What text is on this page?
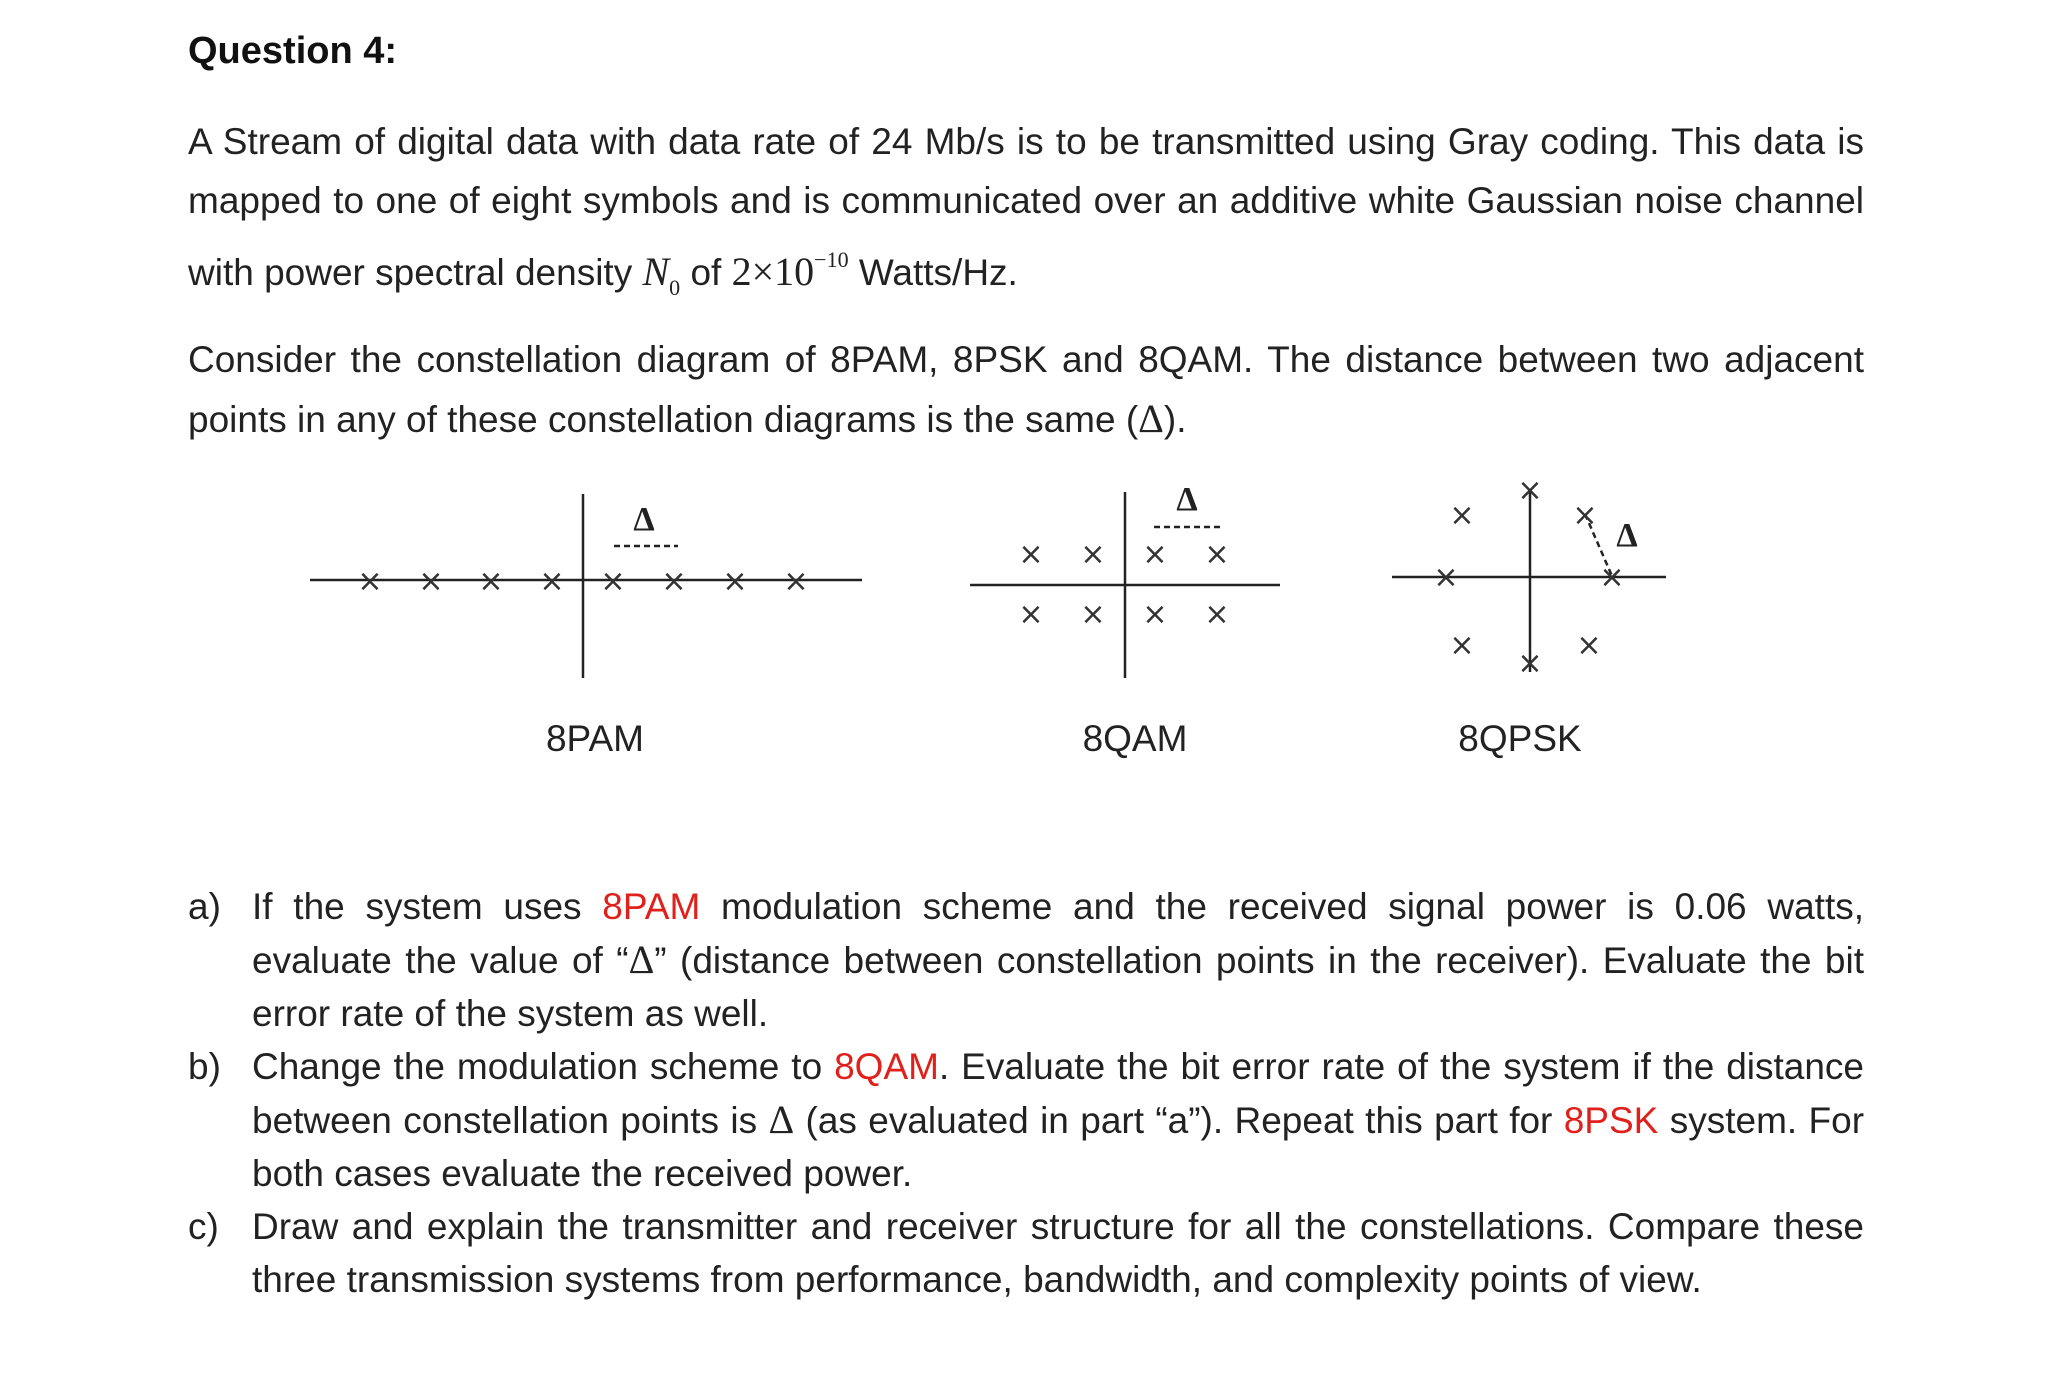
Question 4:
A Stream of digital data with data rate of 24 Mb/s is to be transmitted using Gray coding. This data is mapped to one of eight symbols and is communicated over an additive white Gaussian noise channel with power spectral density $N_0$ of $2\times 10^{-10}$ Watts/Hz.
Consider the constellation diagram of 8PAM, 8PSK and 8QAM. The distance between two adjacent points in any of these constellation diagrams is the same (Δ).
× × × × × × × ×
× × × ×
× × × ×
×
×
×
×	×
×
×
×
Δ
Δ
Δ
8PAM	8QAM	8QPSK
a) If the system uses 8PAM modulation scheme and the received signal power is 0.06 watts, evaluate the value of “Δ” (distance between constellation points in the receiver). Evaluate the bit error rate of the system as well.
b) Change the modulation scheme to 8QAM. Evaluate the bit error rate of the system if the distance between constellation points is Δ (as evaluated in part “a”). Repeat this part for 8PSK system. For both cases evaluate the received power.
c) Draw and explain the transmitter and receiver structure for all the constellations. Compare these three transmission systems from performance, bandwidth, and complexity points of view.
